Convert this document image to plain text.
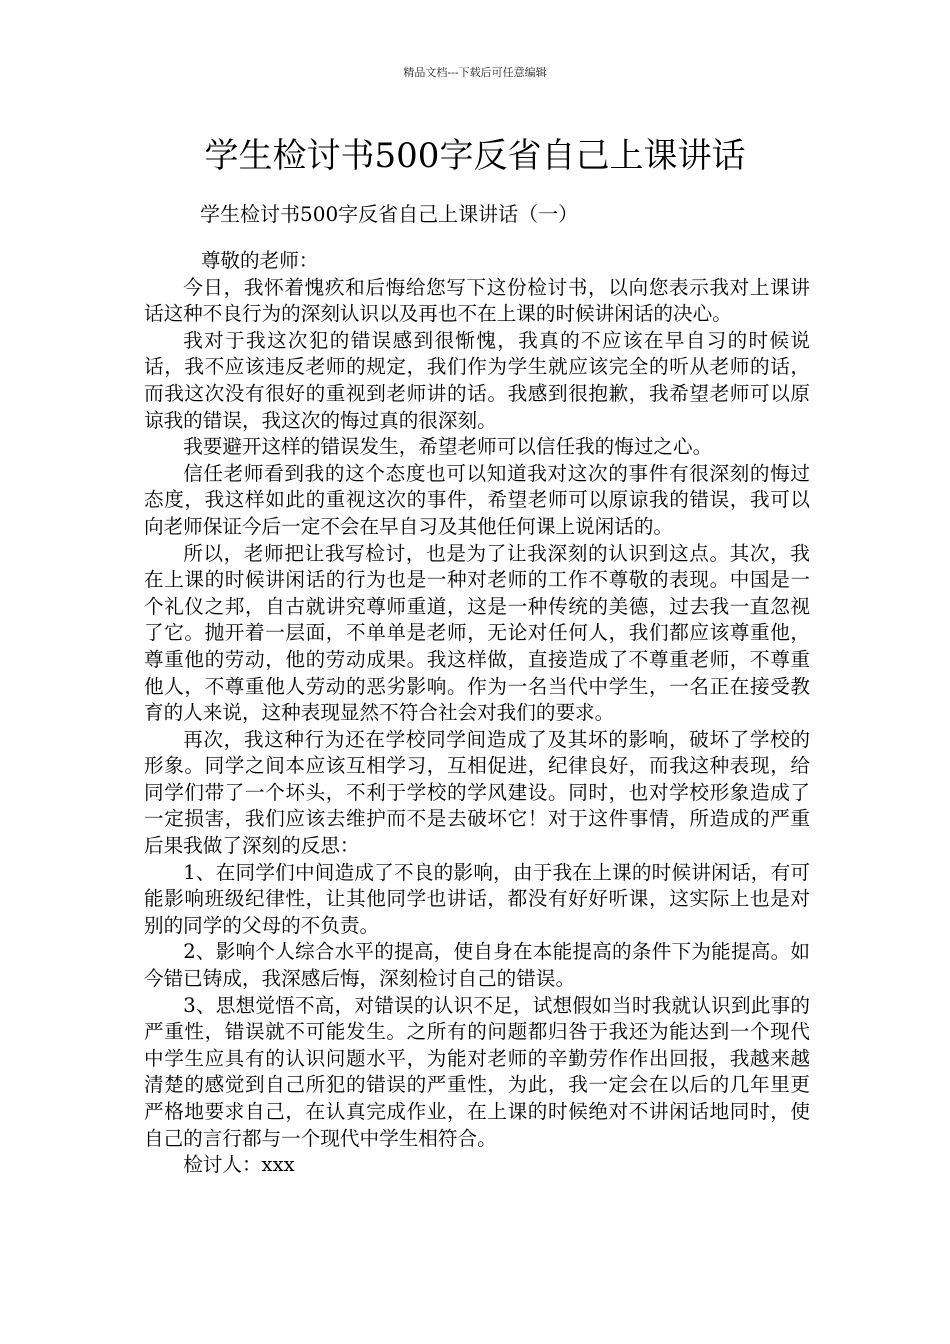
精品文档---下载后可任意编辑
学生检讨书500字反省自己上课讲话
学生检讨书500字反省自己上课讲话（一）

尊敬的老师：

今日，我怀着愧疚和后悔给您写下这份检讨书，以向您表示我对上课讲话这种不良行为的深刻认识以及再也不在上课的时候讲闲话的决心。

我对于我这次犯的错误感到很惭愧，我真的不应该在早自习的时候说话，我不应该违反老师的规定，我们作为学生就应该完全的听从老师的话，而我这次没有很好的重视到老师讲的话。我感到很抱歉，我希望老师可以原谅我的错误，我这次的悔过真的很深刻。

我要避开这样的错误发生，希望老师可以信任我的悔过之心。

信任老师看到我的这个态度也可以知道我对这次的事件有很深刻的悔过态度，我这样如此的重视这次的事件，希望老师可以原谅我的错误，我可以向老师保证今后一定不会在早自习及其他任何课上说闲话的。

所以，老师把让我写检讨，也是为了让我深刻的认识到这点。其次，我在上课的时候讲闲话的行为也是一种对老师的工作不尊敬的表现。中国是一个礼仪之邦，自古就讲究尊师重道，这是一种传统的美德，过去我一直忽视了它。抛开着一层面，不单单是老师，无论对任何人，我们都应该尊重他，尊重他的劳动，他的劳动成果。我这样做，直接造成了不尊重老师，不尊重他人，不尊重他人劳动的恶劣影响。作为一名当代中学生，一名正在接受教育的人来说，这种表现显然不符合社会对我们的要求。

再次，我这种行为还在学校同学间造成了及其坏的影响，破坏了学校的形象。同学之间本应该互相学习，互相促进，纪律良好，而我这种表现，给同学们带了一个坏头，不利于学校的学风建设。同时，也对学校形象造成了一定损害，我们应该去维护而不是去破坏它！对于这件事情，所造成的严重后果我做了深刻的反思：

1、在同学们中间造成了不良的影响，由于我在上课的时候讲闲话，有可能影响班级纪律性，让其他同学也讲话，都没有好好听课，这实际上也是对别的同学的父母的不负责。

2、影响个人综合水平的提高，使自身在本能提高的条件下为能提高。如今错已铸成，我深感后悔，深刻检讨自己的错误。

3、思想觉悟不高，对错误的认识不足，试想假如当时我就认识到此事的严重性，错误就不可能发生。之所有的问题都归咎于我还为能达到一个现代中学生应具有的认识问题水平，为能对老师的辛勤劳作作出回报，我越来越清楚的感觉到自己所犯的错误的严重性，为此，我一定会在以后的几年里更严格地要求自己，在认真完成作业，在上课的时候绝对不讲闲话地同时，使自己的言行都与一个现代中学生相符合。

检讨人：xxx
